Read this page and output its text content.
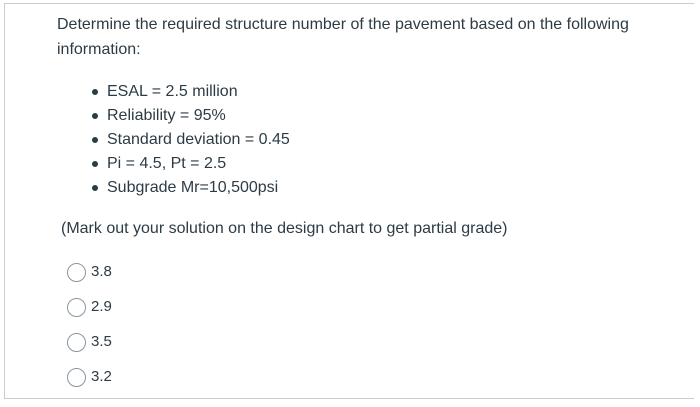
Determine the required structure number of the pavement based on the following information:
ESAL = 2.5 million
Reliability = 95%
Standard deviation = 0.45
Pi = 4.5, Pt = 2.5
Subgrade Mr=10,500psi
(Mark out your solution on the design chart to get partial grade)
3.8
2.9
3.5
3.2
